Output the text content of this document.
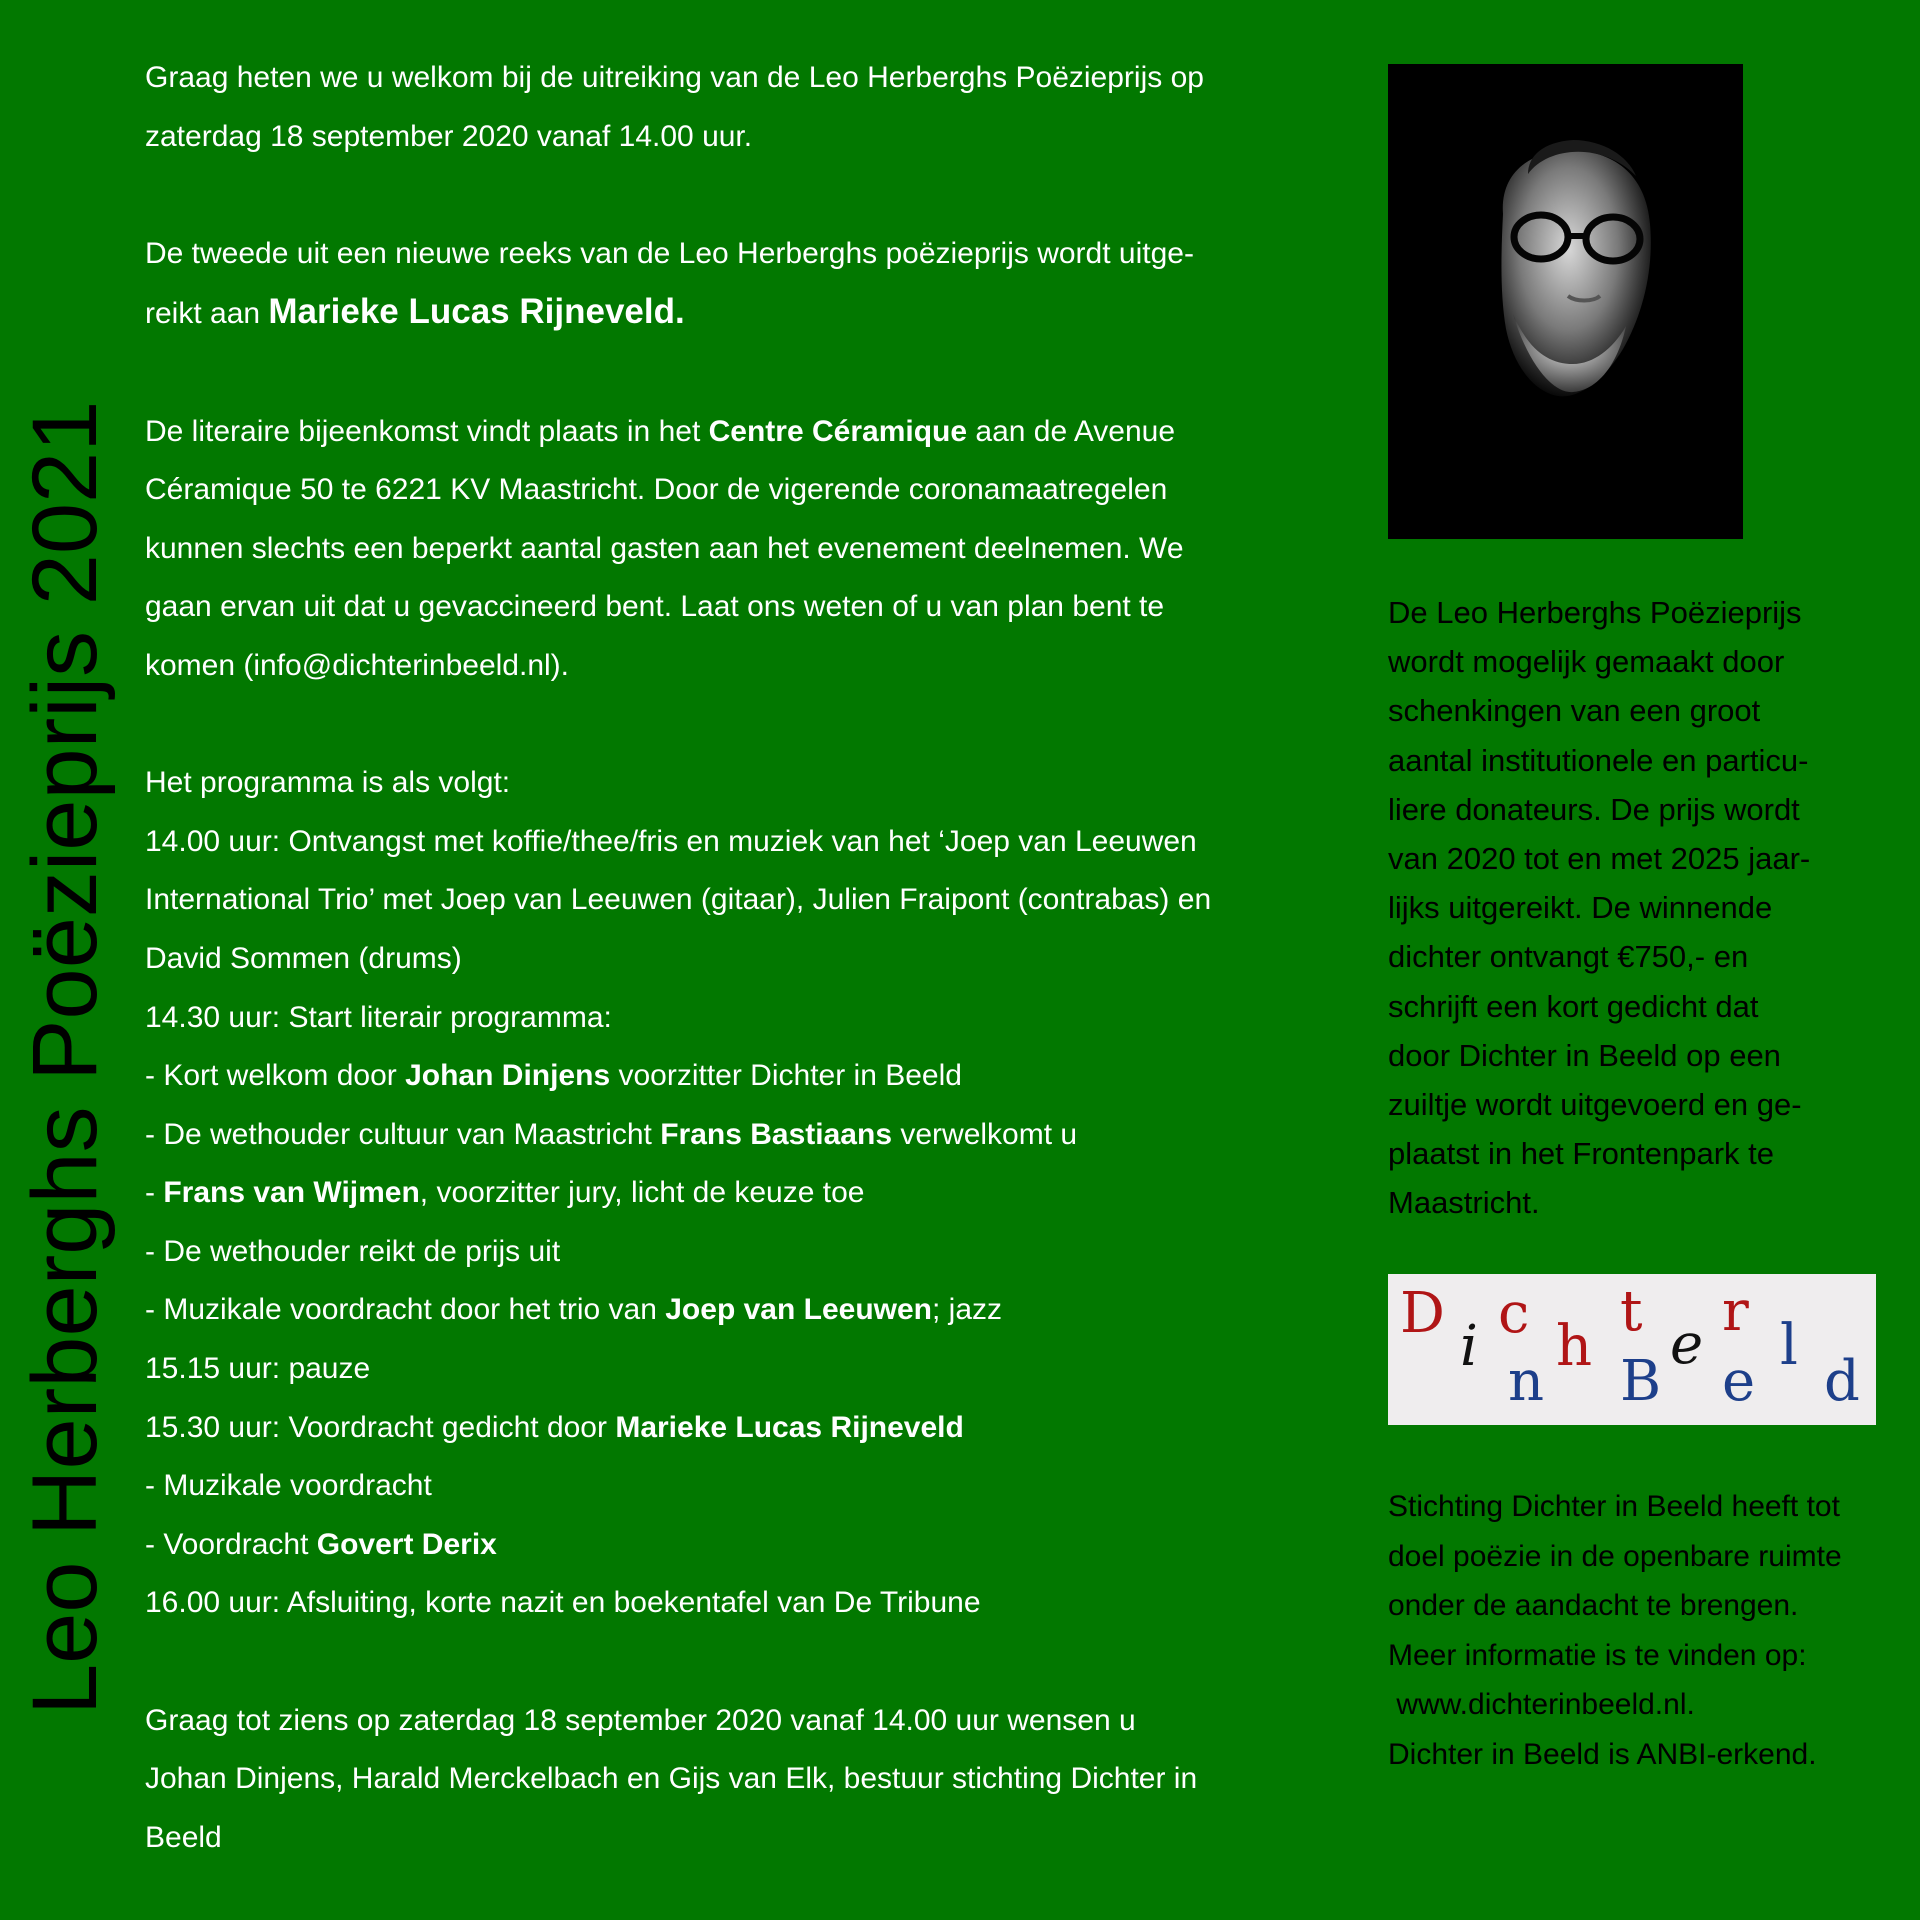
Leo Herberghs Poëzieprijs 2021

Graag heten we u welkom bij de uitreiking van de Leo Herberghs Poëzieprijs op

zaterdag 18 september 2020 vanaf 14.00 uur.

De tweede uit een nieuwe reeks van de Leo Herberghs poëzieprijs wordt uitge-

reikt aan Marieke Lucas Rijneveld.

De literaire bijeenkomst vindt plaats in het Centre Céramique aan de Avenue

Céramique 50 te 6221 KV Maastricht. Door de vigerende coronamaatregelen

kunnen slechts een beperkt aantal gasten aan het evenement deelnemen. We

gaan ervan uit dat u gevaccineerd bent. Laat ons weten of u van plan bent te

komen (info@dichterinbeeld.nl).

Het programma is als volgt:

14.00 uur: Ontvangst met koffie/thee/fris en muziek van het ‘Joep van Leeuwen

International Trio’ met Joep van Leeuwen (gitaar), Julien Fraipont (contrabas) en

David Sommen (drums)

14.30 uur: Start literair programma:

- Kort welkom door Johan Dinjens voorzitter Dichter in Beeld

- De wethouder cultuur van Maastricht Frans Bastiaans verwelkomt u

- Frans van Wijmen, voorzitter jury, licht de keuze toe

- De wethouder reikt de prijs uit

- Muzikale voordracht door het trio van Joep van Leeuwen; jazz

15.15 uur: pauze

15.30 uur: Voordracht gedicht door Marieke Lucas Rijneveld

- Muzikale voordracht

- Voordracht Govert Derix

16.00 uur: Afsluiting, korte nazit en boekentafel van De Tribune

Graag tot ziens op zaterdag 18 september 2020 vanaf 14.00 uur wensen u

Johan Dinjens, Harald Merckelbach en Gijs van Elk, bestuur stichting Dichter in

Beeld

De Leo Herberghs Poëzieprijs

wordt mogelijk gemaakt door

schenkingen van een groot

aantal institutionele en particu-

liere donateurs. De prijs wordt

van 2020 tot en met 2025 jaar-

lijks uitgereikt. De winnende

dichter ontvangt €750,- en

schrijft een kort gedicht dat

door Dichter in Beeld op een

zuiltje wordt uitgevoerd en ge-

plaatst in het Frontenpark te

Maastricht.

D
i
c
h
t
e
r
n B e
l
d

Stichting Dichter in Beeld heeft tot

doel poëzie in de openbare ruimte

onder de aandacht te brengen.

Meer informatie is te vinden op:

www.dichterinbeeld.nl.

Dichter in Beeld is ANBI-erkend.
